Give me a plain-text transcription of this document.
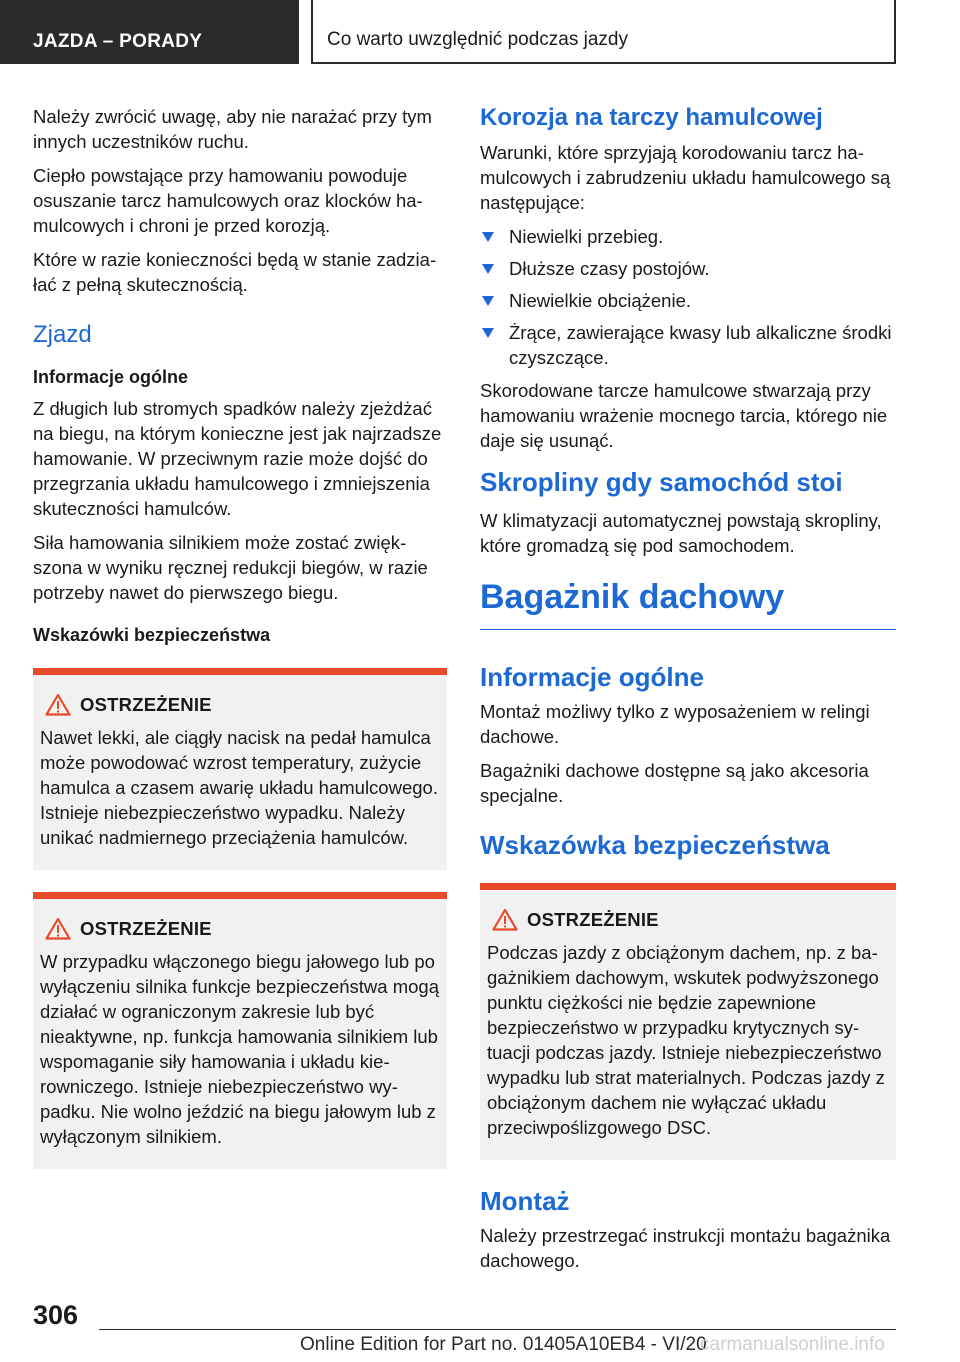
JAZDA – PORADY	Co warto uwzględnić podczas jazdy

Należy zwrócić uwagę, aby nie narażać przy tym innych uczestników ruchu.

Ciepło powstające przy hamowaniu powoduje osuszanie tarcz hamulcowych oraz klocków hamulcowych i chroni je przed korozją.

Które w razie konieczności będą w stanie zadziałać z pełną skutecznością.

Zjazd
Informacje ogólne

Z długich lub stromych spadków należy zjeżdżać na biegu, na którym konieczne jest jak najrzadsze hamowanie. W przeciwnym razie może dojść do przegrzania układu hamulcowego i zmniejszenia skuteczności hamulców.

Siła hamowania silnikiem może zostać zwiększona w wyniku ręcznej redukcji biegów, w razie potrzeby nawet do pierwszego biegu.

Wskazówki bezpieczeństwa
OSTRZEŻENIE

Nawet lekki, ale ciągły nacisk na pedał hamulca może powodować wzrost temperatury, zużycie hamulca a czasem awarię układu hamulcowego. Istnieje niebezpieczeństwo wypadku. Należy unikać nadmiernego przeciążenia hamulców.

OSTRZEŻENIE

W przypadku włączonego biegu jałowego lub po wyłączeniu silnika funkcje bezpieczeństwa mogą działać w ograniczonym zakresie lub być nieaktywne, np. funkcja hamowania silnikiem lub wspomaganie siły hamowania i układu kierowniczego. Istnieje niebezpieczeństwo wypadku. Nie wolno jeździć na biegu jałowym lub z wyłączonym silnikiem.

Korozja na tarczy hamulcowej

Warunki, które sprzyjają korodowaniu tarcz hamulcowych i zabrudzeniu układu hamulcowego są następujące:

Niewielki przebieg.
Dłuższe czasy postojów.
Niewielkie obciążenie.
Żrące, zawierające kwasy lub alkaliczne środki czyszczące.

Skorodowane tarcze hamulcowe stwarzają przy hamowaniu wrażenie mocnego tarcia, którego nie daje się usunąć.

Skropliny gdy samochód stoi

W klimatyzacji automatycznej powstają skropliny, które gromadzą się pod samochodem.

Bagażnik dachowy
Informacje ogólne

Montaż możliwy tylko z wyposażeniem w relingi dachowe.

Bagażniki dachowe dostępne są jako akcesoria specjalne.

Wskazówka bezpieczeństwa
OSTRZEŻENIE

Podczas jazdy z obciążonym dachem, np. z bagażnikiem dachowym, wskutek podwyższonego punktu ciężkości nie będzie zapewnione bezpieczeństwo w przypadku krytycznych sytuacji podczas jazdy. Istnieje niebezpieczeństwo wypadku lub strat materialnych. Podczas jazdy z obciążonym dachem nie wyłączać układu przeciwpoślizgowego DSC.

Montaż

Należy przestrzegać instrukcji montażu bagażnika dachowego.

306
Online Edition for Part no. 01405A10EB4 - VI/20
carmanualsonline.info
